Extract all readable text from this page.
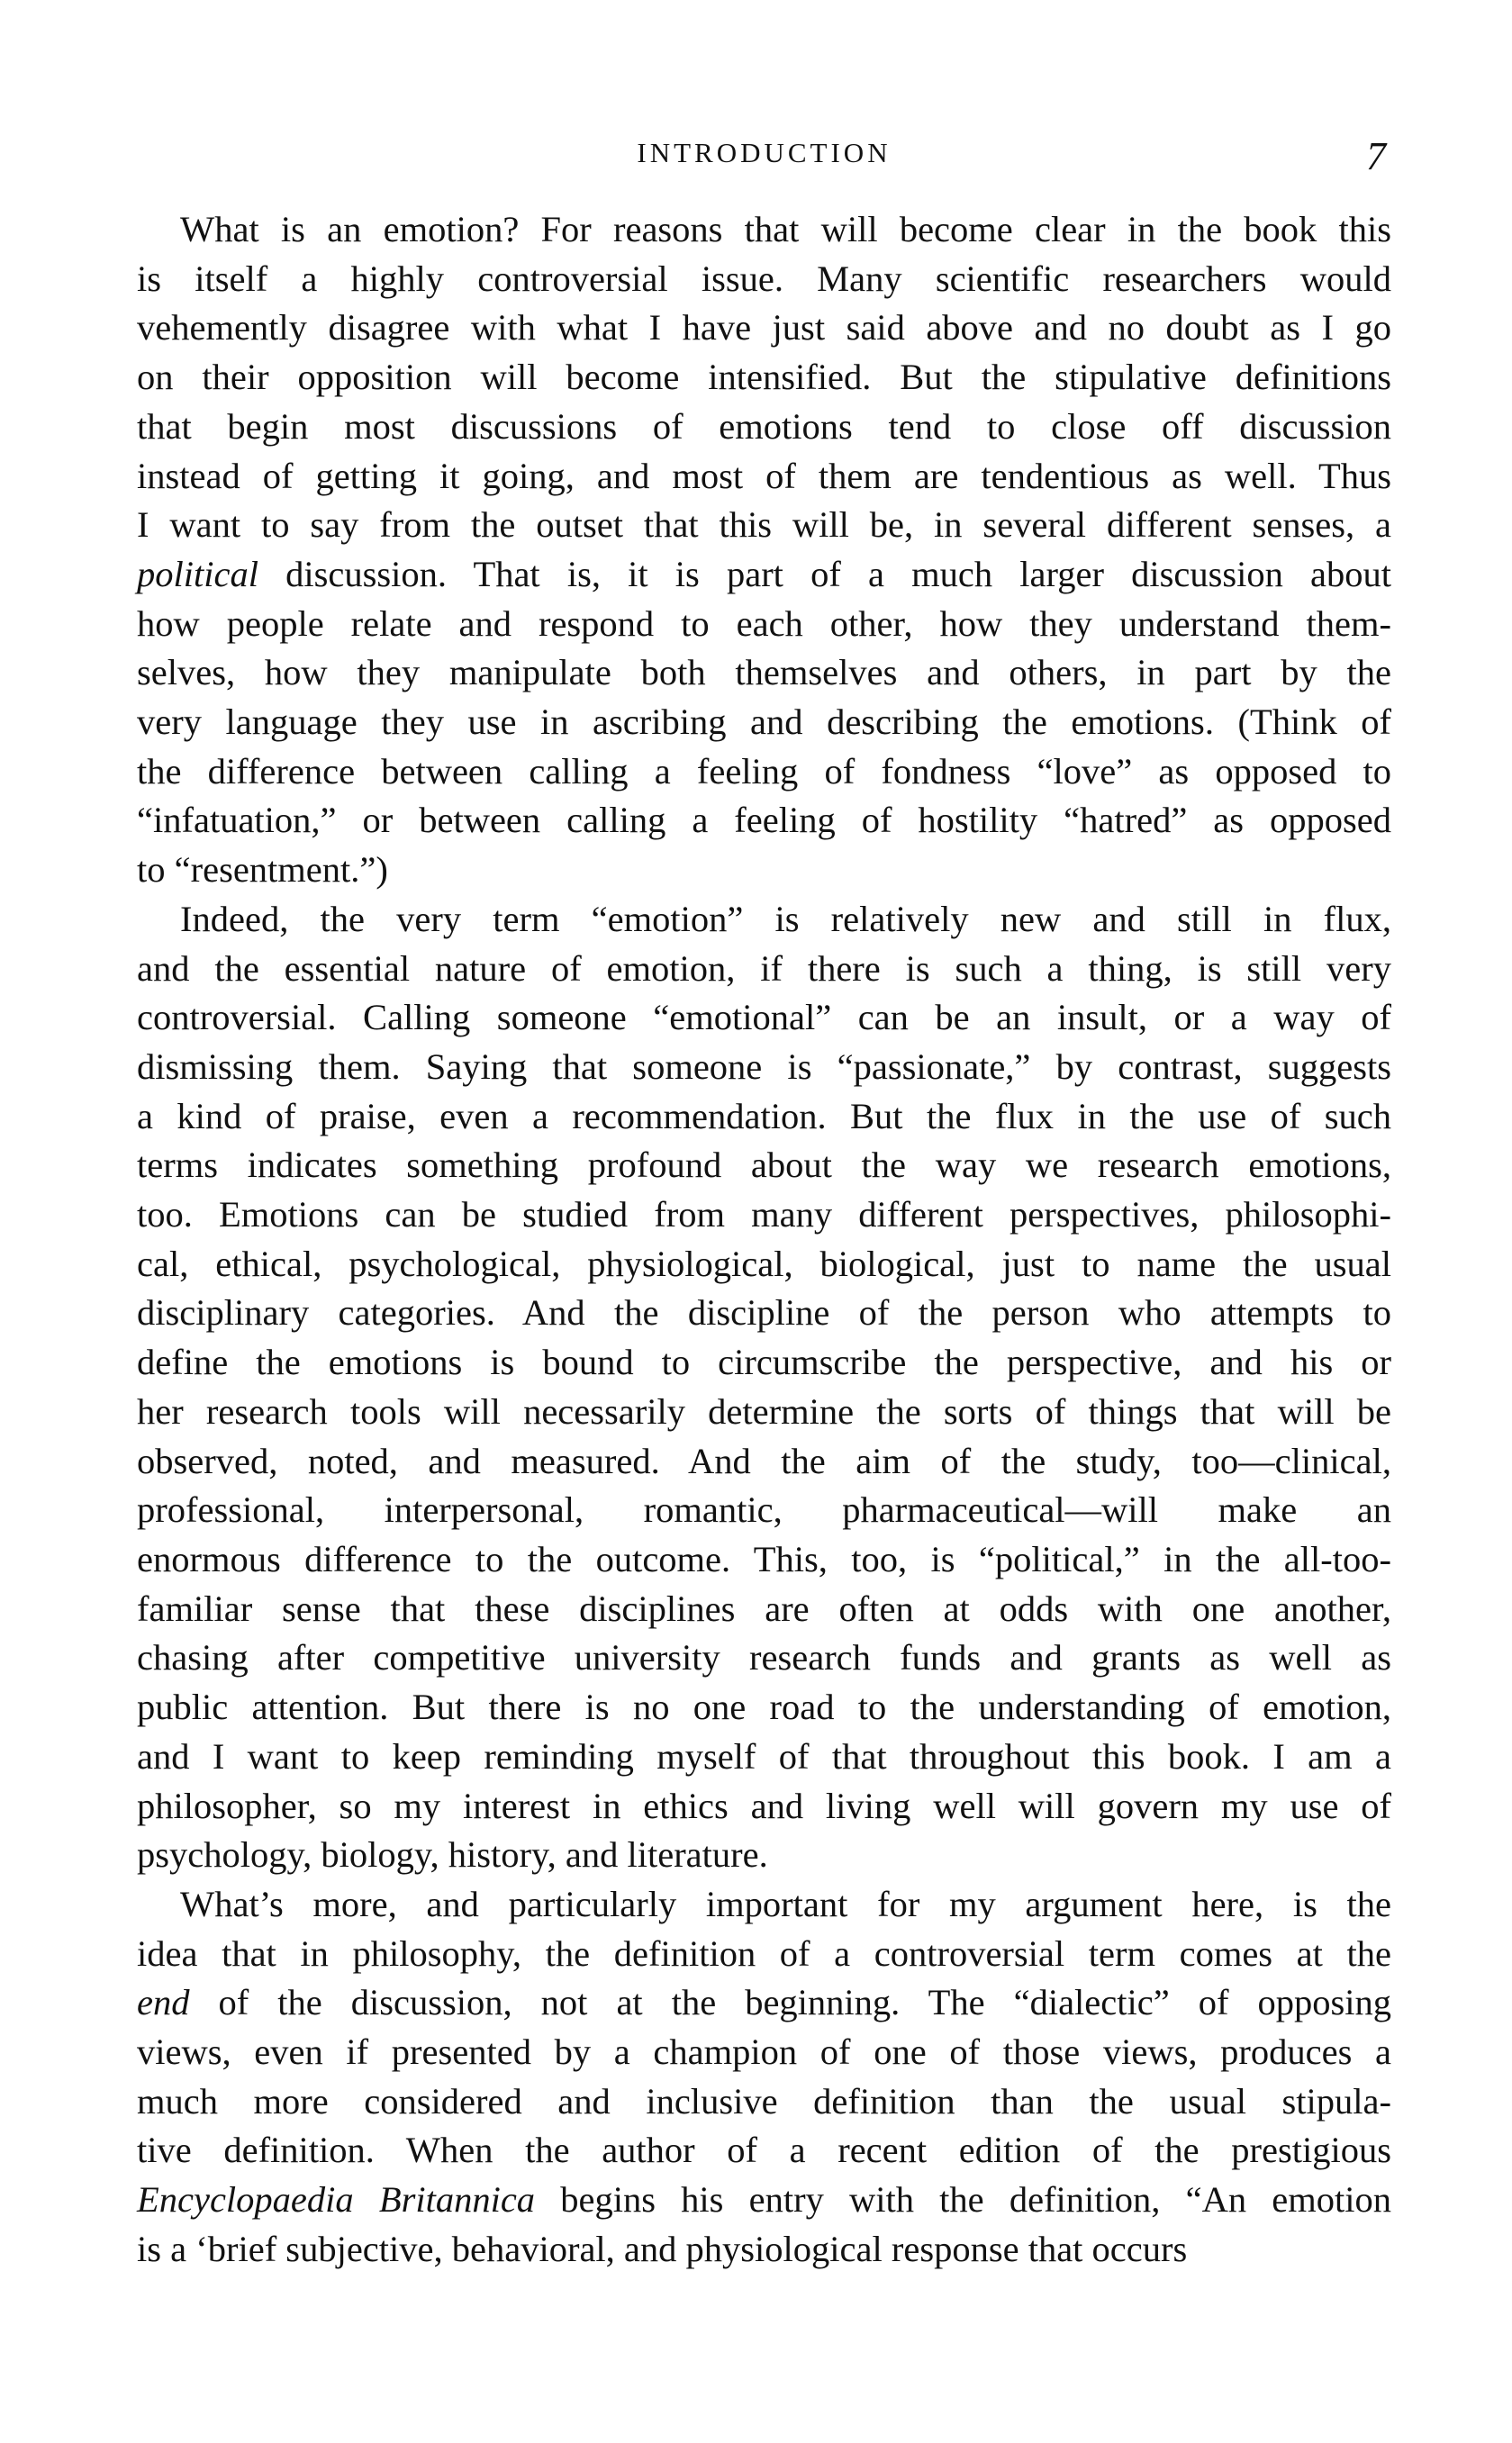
INTRODUCTION	7

What is an emotion? For reasons that will become clear in the book this
is itself a highly controversial issue. Many scientific researchers would
vehemently disagree with what I have just said above and no doubt as I go
on their opposition will become intensified. But the stipulative definitions
that begin most discussions of emotions tend to close off discussion
instead of getting it going, and most of them are tendentious as well. Thus
I want to say from the outset that this will be, in several different senses, a
political discussion. That is, it is part of a much larger discussion about
how people relate and respond to each other, how they understand them-
selves, how they manipulate both themselves and others, in part by the
very language they use in ascribing and describing the emotions. (Think of
the difference between calling a feeling of fondness “love” as opposed to
“infatuation,” or between calling a feeling of hostility “hatred” as opposed
to “resentment.”)

Indeed, the very term “emotion” is relatively new and still in flux,
and the essential nature of emotion, if there is such a thing, is still very
controversial. Calling someone “emotional” can be an insult, or a way of
dismissing them. Saying that someone is “passionate,” by contrast, suggests
a kind of praise, even a recommendation. But the flux in the use of such
terms indicates something profound about the way we research emotions,
too. Emotions can be studied from many different perspectives, philosophi-
cal, ethical, psychological, physiological, biological, just to name the usual
disciplinary categories. And the discipline of the person who attempts to
define the emotions is bound to circumscribe the perspective, and his or
her research tools will necessarily determine the sorts of things that will be
observed, noted, and measured. And the aim of the study, too—clinical,
professional, interpersonal, romantic, pharmaceutical—will make an
enormous difference to the outcome. This, too, is “political,” in the all-too-
familiar sense that these disciplines are often at odds with one another,
chasing after competitive university research funds and grants as well as
public attention. But there is no one road to the understanding of emotion,
and I want to keep reminding myself of that throughout this book. I am a
philosopher, so my interest in ethics and living well will govern my use of
psychology, biology, history, and literature.

What’s more, and particularly important for my argument here, is the
idea that in philosophy, the definition of a controversial term comes at the
end of the discussion, not at the beginning. The “dialectic” of opposing
views, even if presented by a champion of one of those views, produces a
much more considered and inclusive definition than the usual stipula-
tive definition. When the author of a recent edition of the prestigious
Encyclopaedia Britannica begins his entry with the definition, “An emotion
is a ‘brief subjective, behavioral, and physiological response that occurs
